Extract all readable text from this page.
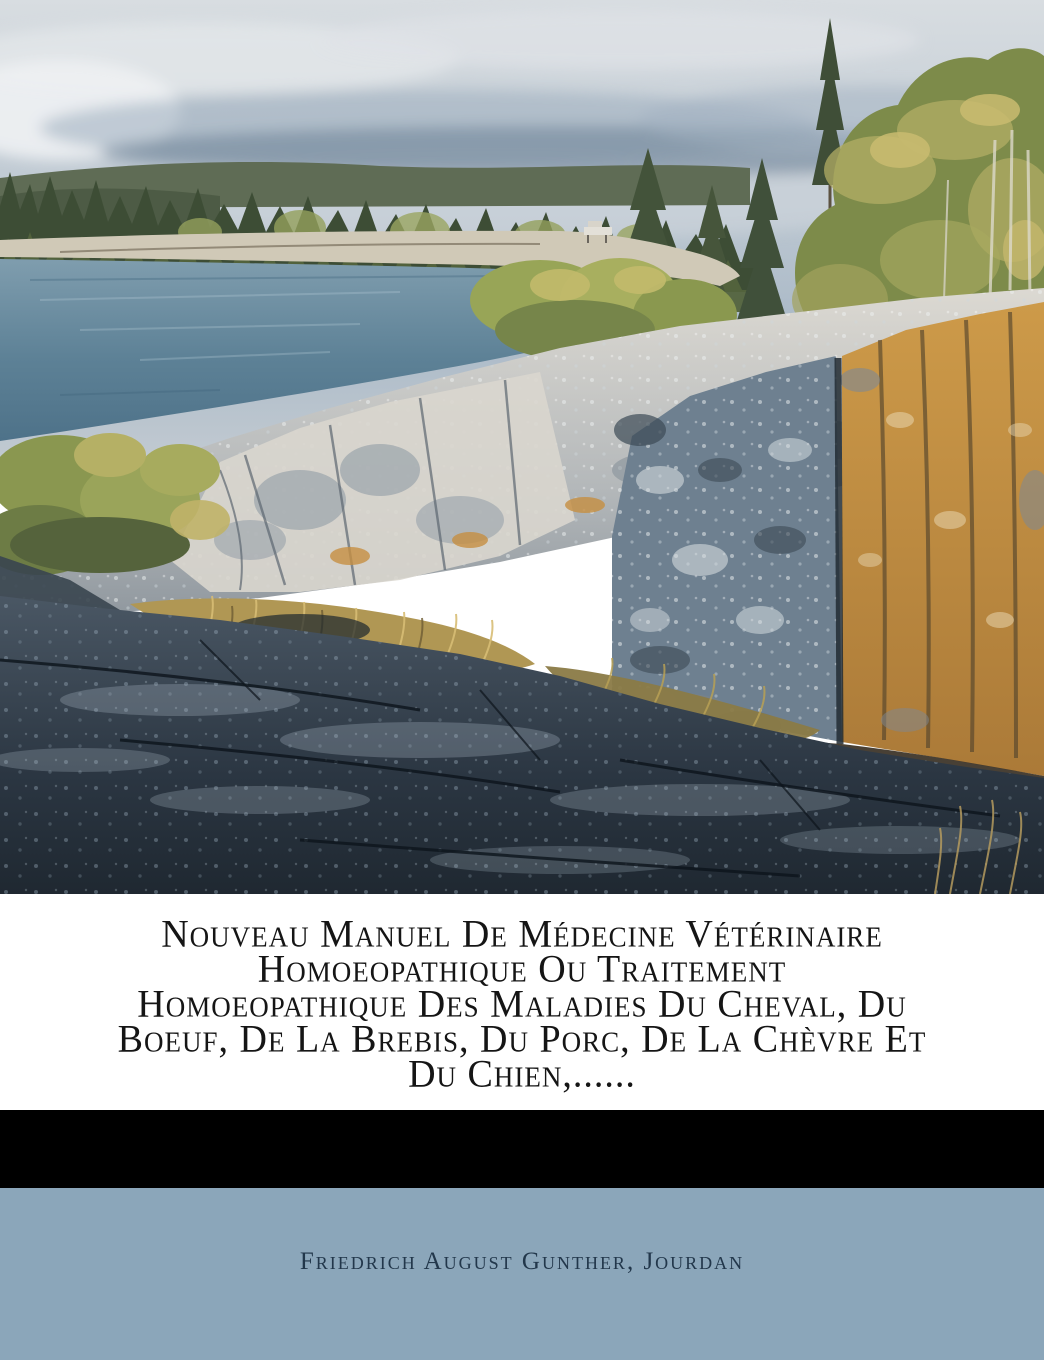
Nouveau Manuel De Médecine Vétérinaire
Homoeopathique Ou Traitement
Homoeopathique Des Maladies Du Cheval, Du
Boeuf, De La Brebis, Du Porc, De La Chèvre Et
Du Chien,......
Friedrich August Gunther, Jourdan
